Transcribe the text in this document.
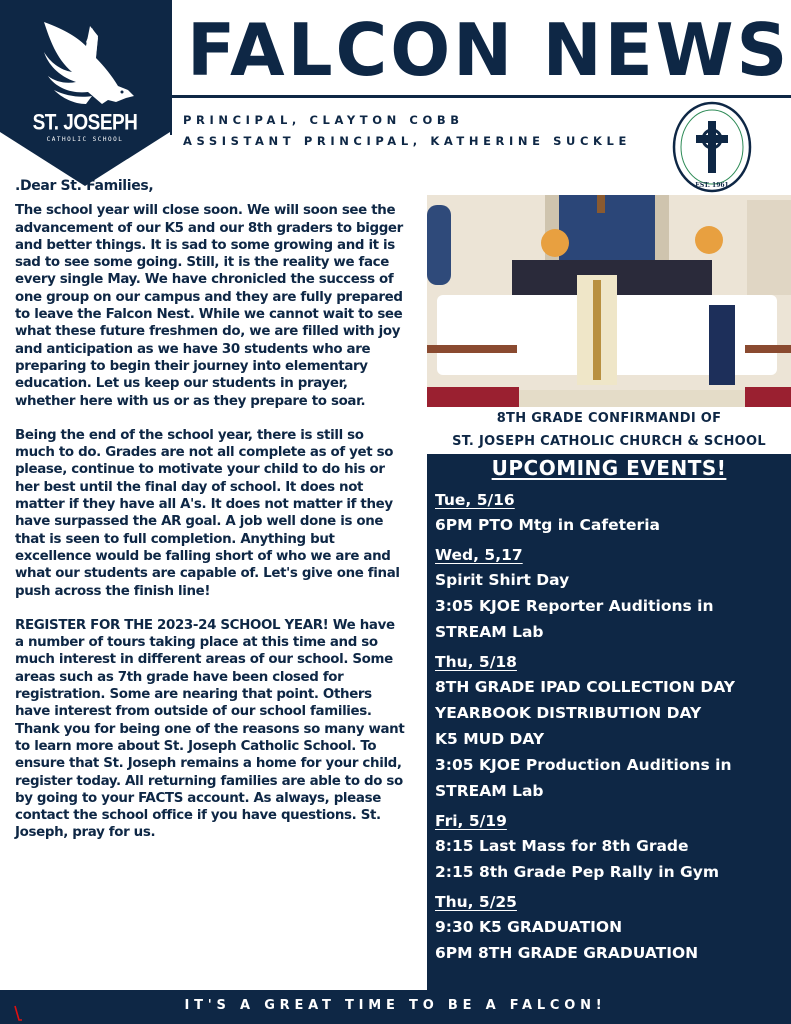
ST. JOSEPH
CATHOLIC SCHOOL
FALCON NEWS
PRINCIPAL, CLAYTON COBB
ASSISTANT PRINCIPAL, KATHERINE SUCKLE
EST. 1961
.Dear St. Families,

The school year will close soon. We will soon see the advancement of our K5 and our 8th graders to bigger and better things. It is sad to some growing and it is sad to see some going. Still, it is the reality we face every single May. We have chronicled the success of one group on our campus and they are fully prepared to leave the Falcon Nest. While we cannot wait to see what these future freshmen do, we are filled with joy and anticipation as we have 30 students who are preparing to begin their journey into elementary education. Let us keep our students in prayer, whether here with us or as they prepare to soar.

Being the end of the school year, there is still so much to do. Grades are not all complete as of yet so please, continue to motivate your child to do his or her best until the final day of school. It does not matter if they have all A's. It does not matter if they have surpassed the AR goal. A job well done is one that is seen to full completion. Anything but excellence would be falling short of who we are and what our students are capable of. Let's give one final push across the finish line!

REGISTER FOR THE 2023-24 SCHOOL YEAR! We have a number of tours taking place at this time and so much interest in different areas of our school. Some areas such as 7th grade have been closed for registration. Some are nearing that point. Others have interest from outside of our school families. Thank you for being one of the reasons so many want to learn more about St. Joseph Catholic School. To ensure that St. Joseph remains a home for your child, register today. All returning families are able to do so by going to your FACTS account. As always, please contact the school office if you have questions. St. Joseph, pray for us.

8TH GRADE CONFIRMANDI OF
ST. JOSEPH CATHOLIC CHURCH & SCHOOL
UPCOMING EVENTS!
Tue, 5/16
6PM PTO Mtg in Cafeteria
Wed, 5,17
Spirit Shirt Day
3:05 KJOE Reporter Auditions in
STREAM Lab
Thu, 5/18
8TH GRADE IPAD COLLECTION DAY
YEARBOOK DISTRIBUTION DAY
K5 MUD DAY
3:05 KJOE Production Auditions in
STREAM Lab
Fri, 5/19
8:15 Last Mass for 8th Grade
2:15 8th Grade Pep Rally in Gym
Thu, 5/25
9:30 K5 GRADUATION
6PM 8TH GRADE GRADUATION
IT'S A GREAT TIME TO BE A FALCON!
